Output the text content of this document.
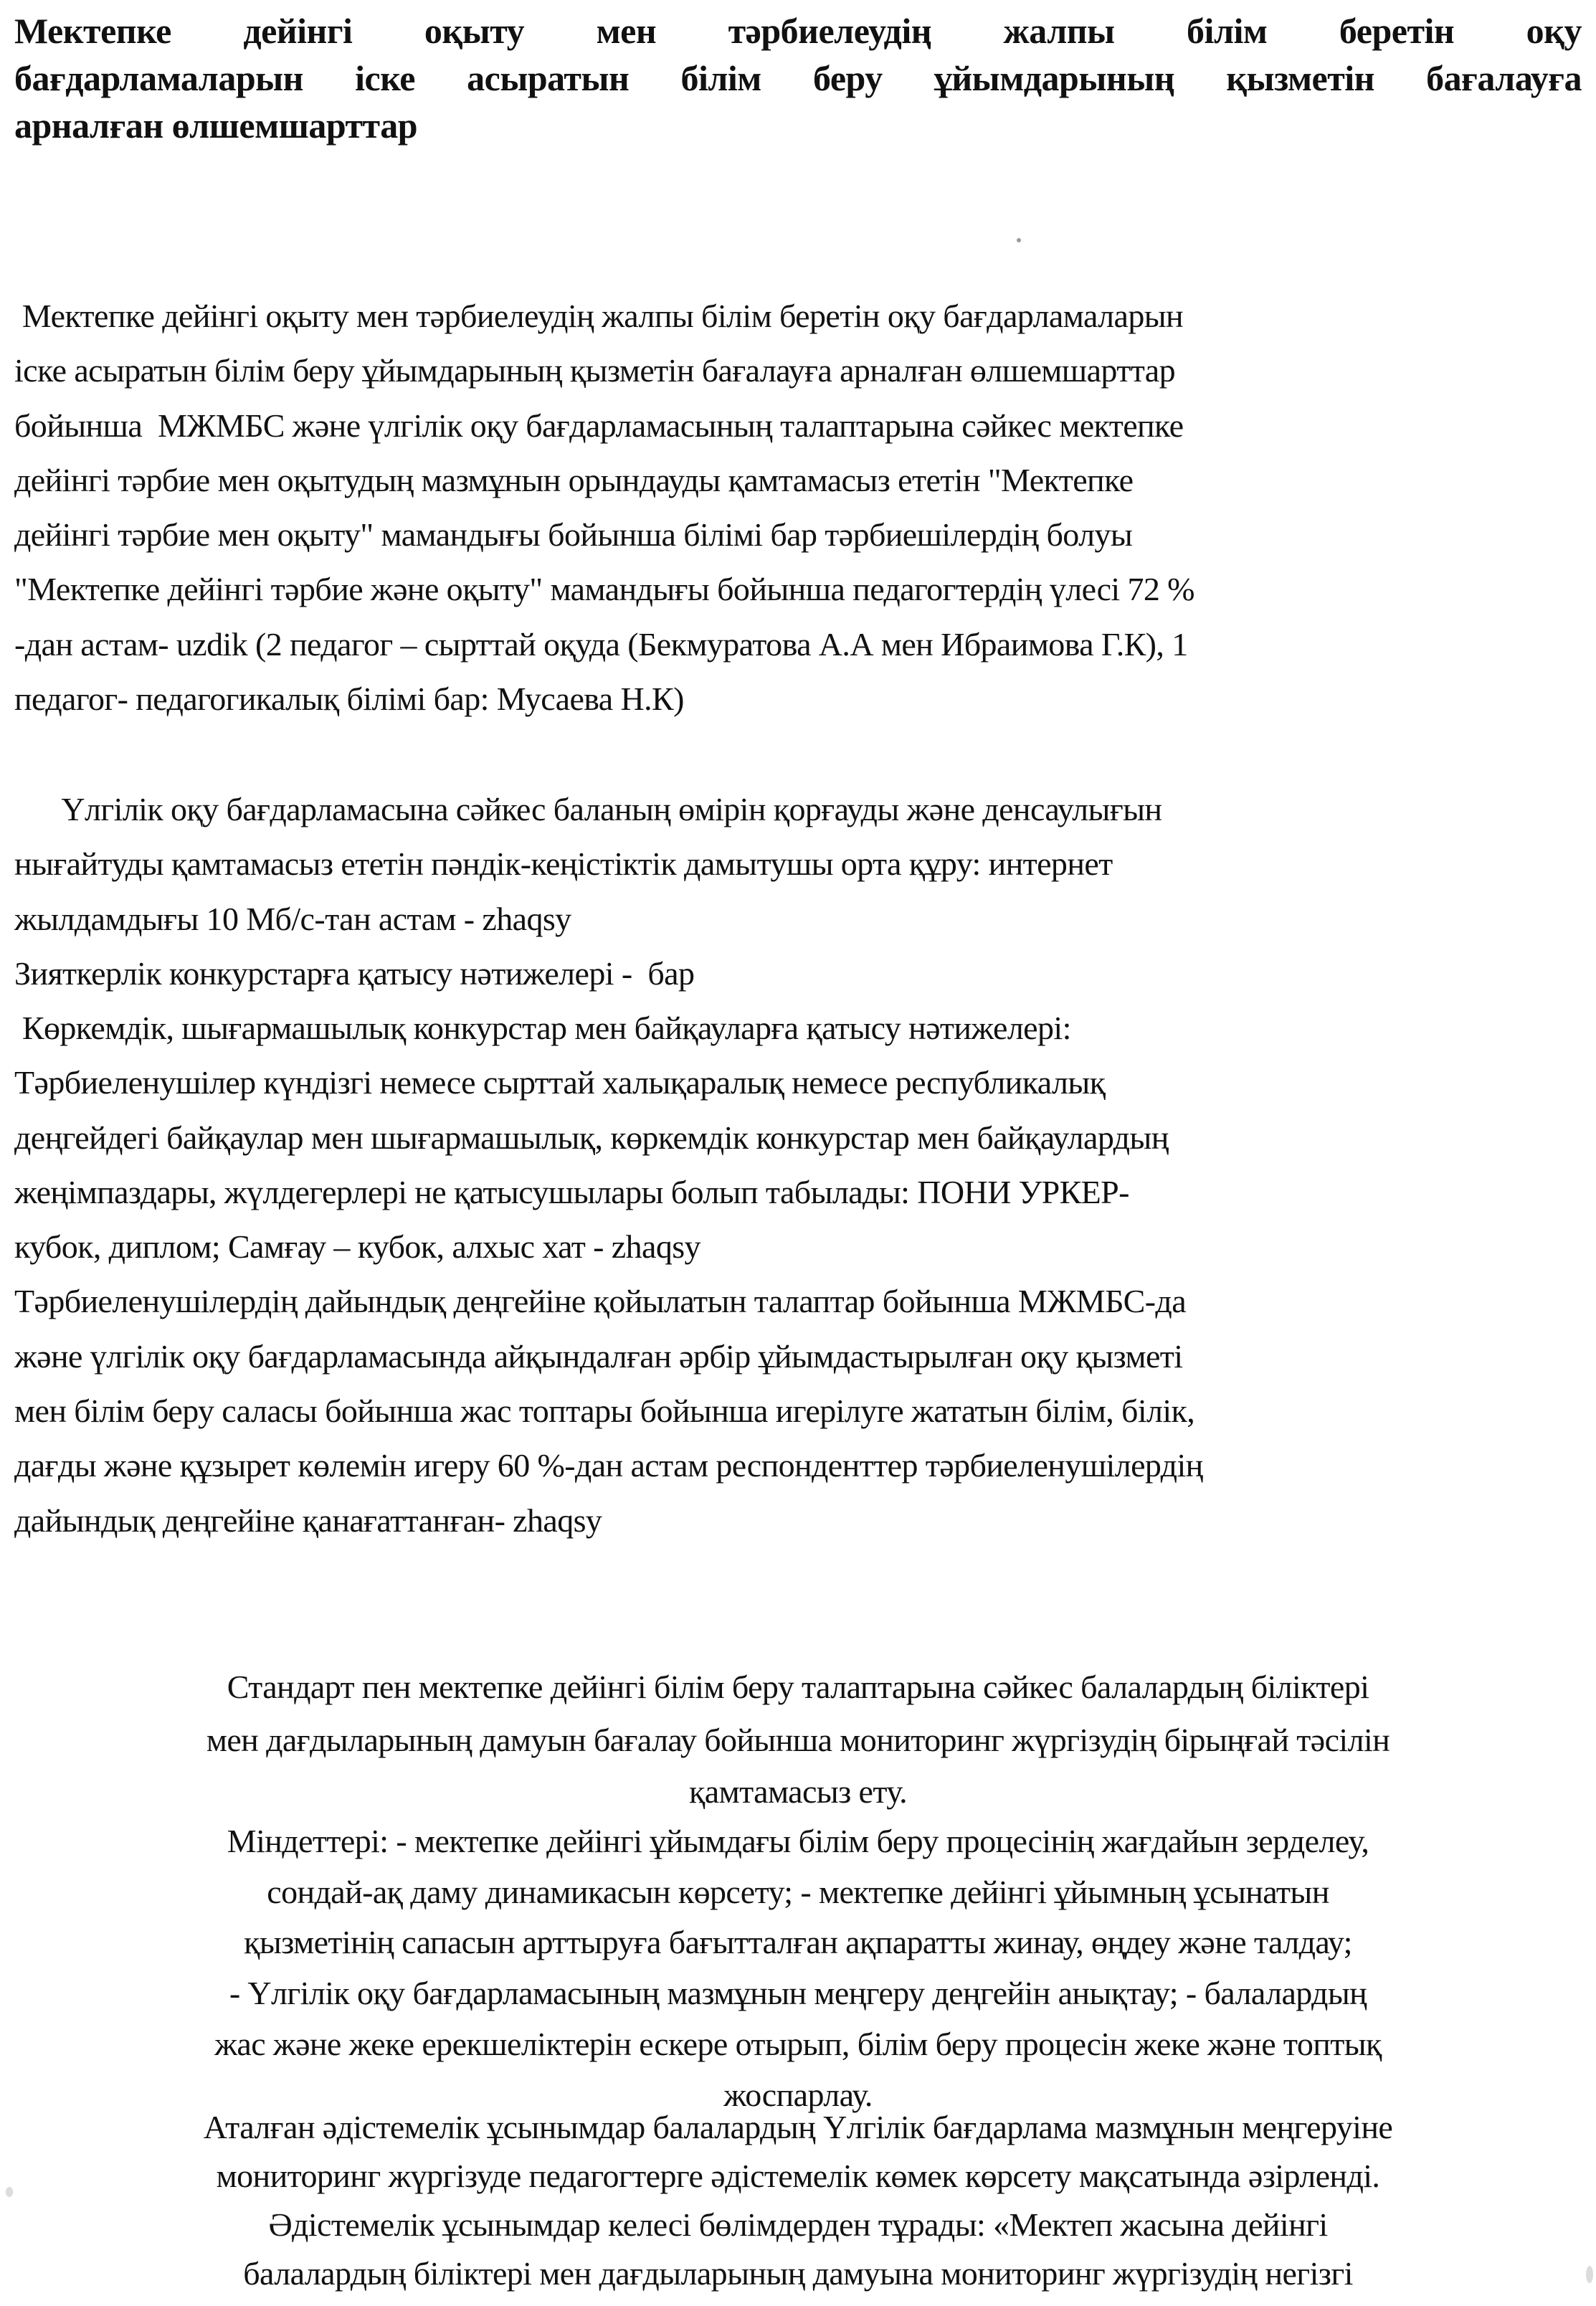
Мектепке дейінгі оқыту мен тәрбиелеудің жалпы білім беретін оқу
бағдарламаларын іске асыратын білім беру ұйымдарының қызметін бағалауға
арналған өлшемшарттар
Мектепке дейінгі оқыту мен тәрбиелеудің жалпы білім беретін оқу бағдарламаларын
іске асыратын білім беру ұйымдарының қызметін бағалауға арналған өлшемшарттар
бойынша  МЖМБС және үлгілік оқу бағдарламасының талаптарына сәйкес мектепке
дейінгі тәрбие мен оқытудың мазмұнын орындауды қамтамасыз ететін "Мектепке
дейінгі тәрбие мен оқыту" мамандығы бойынша білімі бар тәрбиешілердің болуы
"Мектепке дейінгі тәрбие және оқыту" мамандығы бойынша педагогтердің үлесі 72 %
-дан астам- uzdik (2 педагог – сырттай оқуда (Бекмуратова А.А мен Ибраимова Г.К), 1
педагог- педагогикалық білімі бар: Мусаева Н.К)
Үлгілік оқу бағдарламасына сәйкес баланың өмірін қорғауды және денсаулығын
нығайтуды қамтамасыз ететін пәндік-кеңістіктік дамытушы орта құру: интернет
жылдамдығы 10 Мб/с-тан астам - zhaqsy
Зияткерлік конкурстарға қатысу нәтижелері -  бар
Көркемдік, шығармашылық конкурстар мен байқауларға қатысу нәтижелері:
Тәрбиеленушілер күндізгі немесе сырттай халықаралық немесе республикалық
деңгейдегі байқаулар мен шығармашылық, көркемдік конкурстар мен байқаулардың
жеңімпаздары, жүлдегерлері не қатысушылары болып табылады: ПОНИ УРКЕР-
кубок, диплом; Самғау – кубок, алхыс хат - zhaqsy
Тәрбиеленушілердің дайындық деңгейіне қойылатын талаптар бойынша МЖМБС-да
және үлгілік оқу бағдарламасында айқындалған әрбір ұйымдастырылған оқу қызметі
мен білім беру саласы бойынша жас топтары бойынша игерілуге жататын білім, білік,
дағды және құзырет көлемін игеру 60 %-дан астам респонденттер тәрбиеленушілердің
дайындық деңгейіне қанағаттанған- zhaqsy
Стандарт пен мектепке дейінгі білім беру талаптарына сәйкес балалардың біліктері
мен дағдыларының дамуын бағалау бойынша мониторинг жүргізудің бірыңғай тәсілін
қамтамасыз ету.
Міндеттері: - мектепке дейінгі ұйымдағы білім беру процесінің жағдайын зерделеу,
сондай-ақ даму динамикасын көрсету; - мектепке дейінгі ұйымның ұсынатын
қызметінің сапасын арттыруға бағытталған ақпаратты жинау, өңдеу және талдау;
- Үлгілік оқу бағдарламасының мазмұнын меңгеру деңгейін анықтау; - балалардың
жас және жеке ерекшеліктерін ескере отырып, білім беру процесін жеке және топтық
жоспарлау.
Аталған әдістемелік ұсынымдар балалардың Үлгілік бағдарлама мазмұнын меңгеруіне
мониторинг жүргізуде педагогтерге әдістемелік көмек көрсету мақсатында әзірленді.
Әдістемелік ұсынымдар келесі бөлімдерден тұрады: «Мектеп жасына дейінгі
балалардың біліктері мен дағдыларының дамуына мониторинг жүргізудің негізгі
